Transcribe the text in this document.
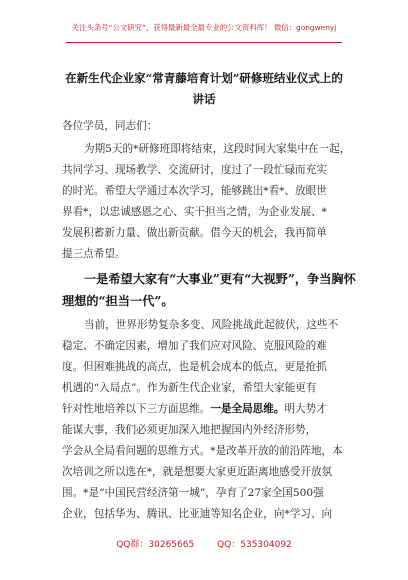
关注头条号“公文研究”，获得最新最全最专业的公文资料库！ 微信：gongwenyj
在新生代企业家“常青藤培育计划”研修班结业仪式上的
讲话
各位学员，同志们：
为期5天的*研修班即将结束，这段时间大家集中在一起，
共同学习、现场教学、交流研讨，度过了一段忙碌而充实
的时光。希望大学通过本次学习，能够跳出*看*、放眼世
界看*，以忠诚感恩之心、实干担当之情，为企业发展、*
发展积蓄新力量、做出新贡献。借今天的机会，我再简单
提三点希望。
一是希望大家有“大事业”更有“大视野”，争当胸怀
理想的“担当一代”。
当前，世界形势复杂多变、风险挑战此起彼伏，这些不
稳定、不确定因素，增加了我们应对风险、克服风险的难
度。但困难挑战的高点，也是机会成本的低点，更是抢抓
机遇的“入局点”。作为新生代企业家，希望大家能更有
针对性地培养以下三方面思维。一是全局思维。明大势才
能谋大事，我们必须更加深入地把握国内外经济形势，
学会从全局看问题的思维方式。*是改革开放的前沿阵地，本
次培训之所以选在*，就是想要大家更近距离地感受开放氛
围。*是“中国民营经济第一城”，孕育了27家全国500强
企业，包括华为、腾讯、比亚迪等知名企业，向*学习、向
QQ群：30265665	QQ：535304092
